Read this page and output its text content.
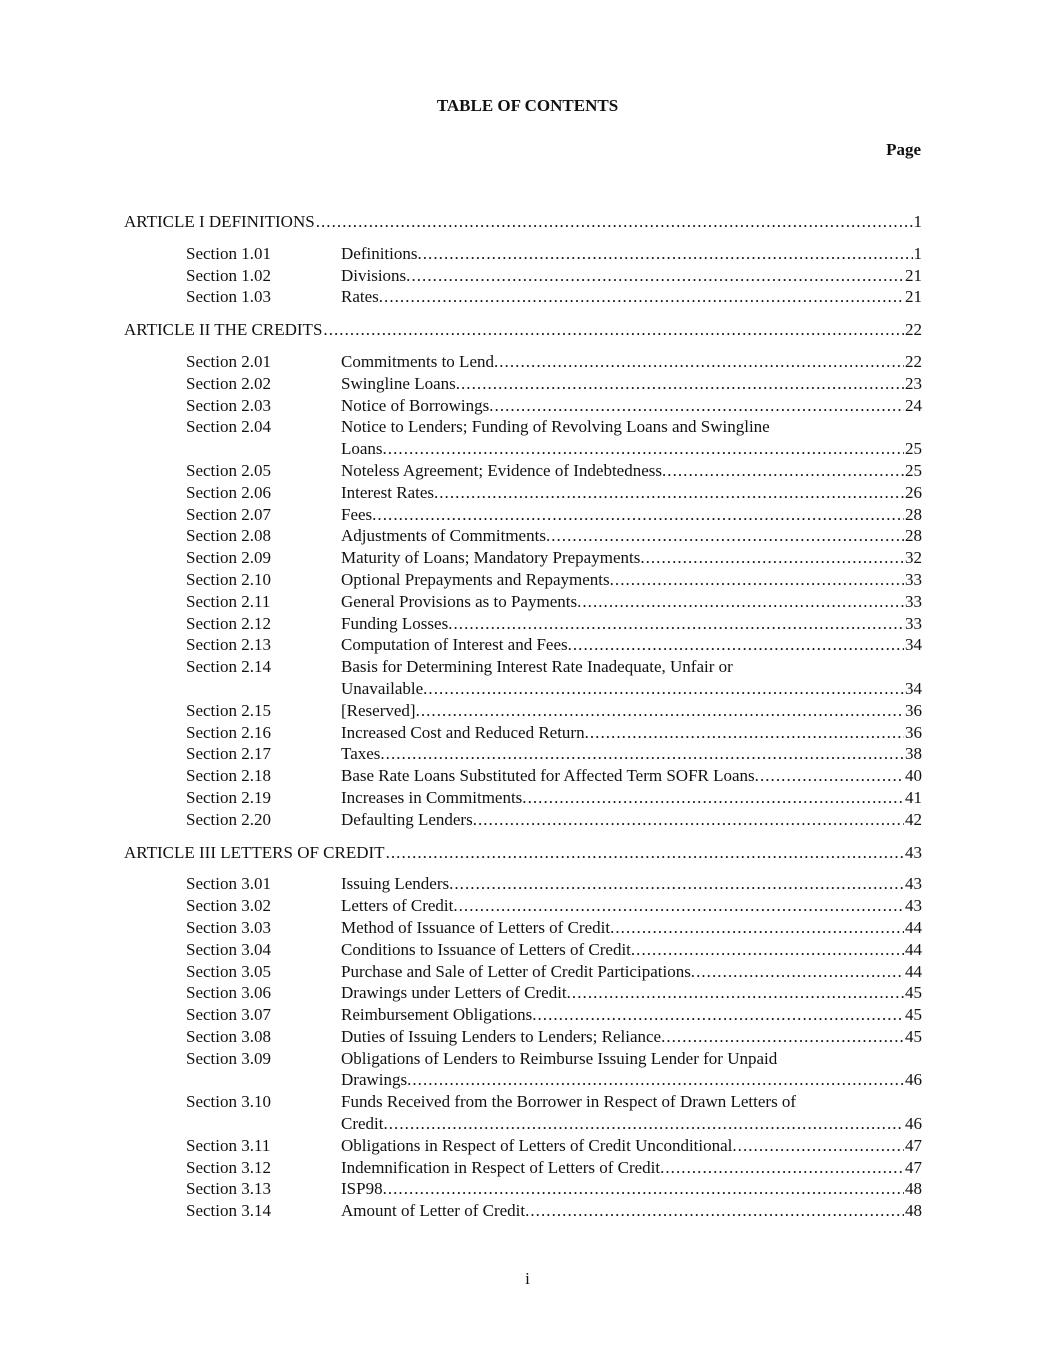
TABLE OF CONTENTS
Page
ARTICLE I DEFINITIONS . . .	1
Section 1.01	Definitions. . . .	1
Section 1.02	Divisions. . . .	21
Section 1.03	Rates. . . .	21
ARTICLE II THE CREDITS . . .	22
Section 2.01	Commitments to Lend. . . .	22
Section 2.02	Swingline Loans. . . .	23
Section 2.03	Notice of Borrowings. . . .	24
Section 2.04	Notice to Lenders; Funding of Revolving Loans and Swingline
Loans. . . .	25
Section 2.05	Noteless Agreement; Evidence of Indebtedness. . . .	25
Section 2.06	Interest Rates. . . .	26
Section 2.07	Fees. . . .	28
Section 2.08	Adjustments of Commitments. . . .	28
Section 2.09	Maturity of Loans; Mandatory Prepayments. . . .	32
Section 2.10	Optional Prepayments and Repayments. . . .	33
Section 2.11	General Provisions as to Payments. . . .	33
Section 2.12	Funding Losses. . . .	33
Section 2.13	Computation of Interest and Fees. . . .	34
Section 2.14	Basis for Determining Interest Rate Inadequate, Unfair or
Unavailable. . . .	34
Section 2.15	[Reserved]. . . .	36
Section 2.16	Increased Cost and Reduced Return. . . .	36
Section 2.17	Taxes. . . .	38
Section 2.18	Base Rate Loans Substituted for Affected Term SOFR Loans. . . .	40
Section 2.19	Increases in Commitments. . . .	41
Section 2.20	Defaulting Lenders. . . .	42
ARTICLE III LETTERS OF CREDIT . . .	43
Section 3.01	Issuing Lenders. . . .	43
Section 3.02	Letters of Credit. . . .	43
Section 3.03	Method of Issuance of Letters of Credit. . . .	44
Section 3.04	Conditions to Issuance of Letters of Credit. . . .	44
Section 3.05	Purchase and Sale of Letter of Credit Participations. . . .	44
Section 3.06	Drawings under Letters of Credit. . . .	45
Section 3.07	Reimbursement Obligations. . . .	45
Section 3.08	Duties of Issuing Lenders to Lenders; Reliance. . . .	45
Section 3.09	Obligations of Lenders to Reimburse Issuing Lender for Unpaid
Drawings. . . .	46
Section 3.10	Funds Received from the Borrower in Respect of Drawn Letters of
Credit. . . .	46
Section 3.11	Obligations in Respect of Letters of Credit Unconditional. . . .	47
Section 3.12	Indemnification in Respect of Letters of Credit. . . .	47
Section 3.13	ISP98. . . .	48
Section 3.14	Amount of Letter of Credit. . . .	48
i
